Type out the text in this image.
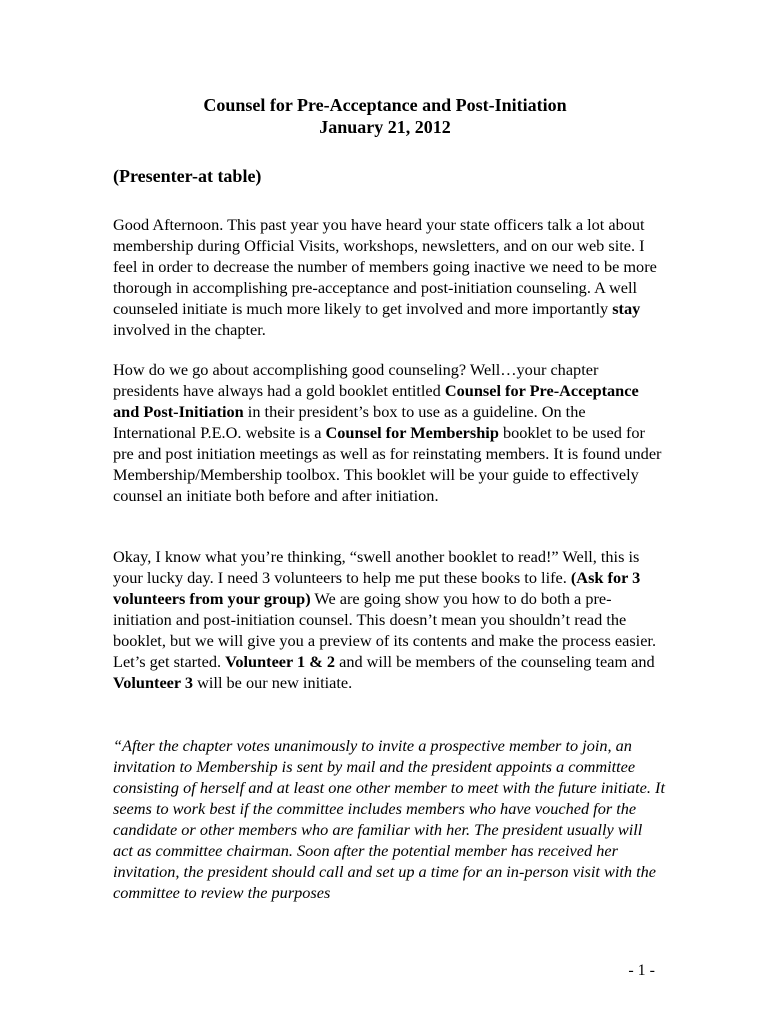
Counsel for Pre-Acceptance and Post-Initiation
January 21, 2012
(Presenter-at table)

Good Afternoon. This past year you have heard your state officers talk a lot about membership during Official Visits, workshops, newsletters, and on our web site. I feel in order to decrease the number of members going inactive we need to be more thorough in accomplishing pre-acceptance and post-initiation counseling. A well counseled initiate is much more likely to get involved and more importantly stay involved in the chapter.

How do we go about accomplishing good counseling? Well…your chapter presidents have always had a gold booklet entitled Counsel for Pre-Acceptance and Post-Initiation in their president’s box to use as a guideline. On the International P.E.O. website is a Counsel for Membership booklet to be used for pre and post initiation meetings as well as for reinstating members. It is found under Membership/Membership toolbox. This booklet will be your guide to effectively counsel an initiate both before and after initiation.

Okay, I know what you’re thinking, “swell another booklet to read!” Well, this is your lucky day. I need 3 volunteers to help me put these books to life. (Ask for 3 volunteers from your group) We are going show you how to do both a pre-initiation and post-initiation counsel. This doesn’t mean you shouldn’t read the booklet, but we will give you a preview of its contents and make the process easier. Let’s get started. Volunteer 1 & 2 and will be members of the counseling team and Volunteer 3 will be our new initiate.

“After the chapter votes unanimously to invite a prospective member to join, an invitation to Membership is sent by mail and the president appoints a committee consisting of herself and at least one other member to meet with the future initiate. It seems to work best if the committee includes members who have vouched for the candidate or other members who are familiar with her. The president usually will act as committee chairman. Soon after the potential member has received her invitation, the president should call and set up a time for an in-person visit with the committee to review the purposes

- 1 -
